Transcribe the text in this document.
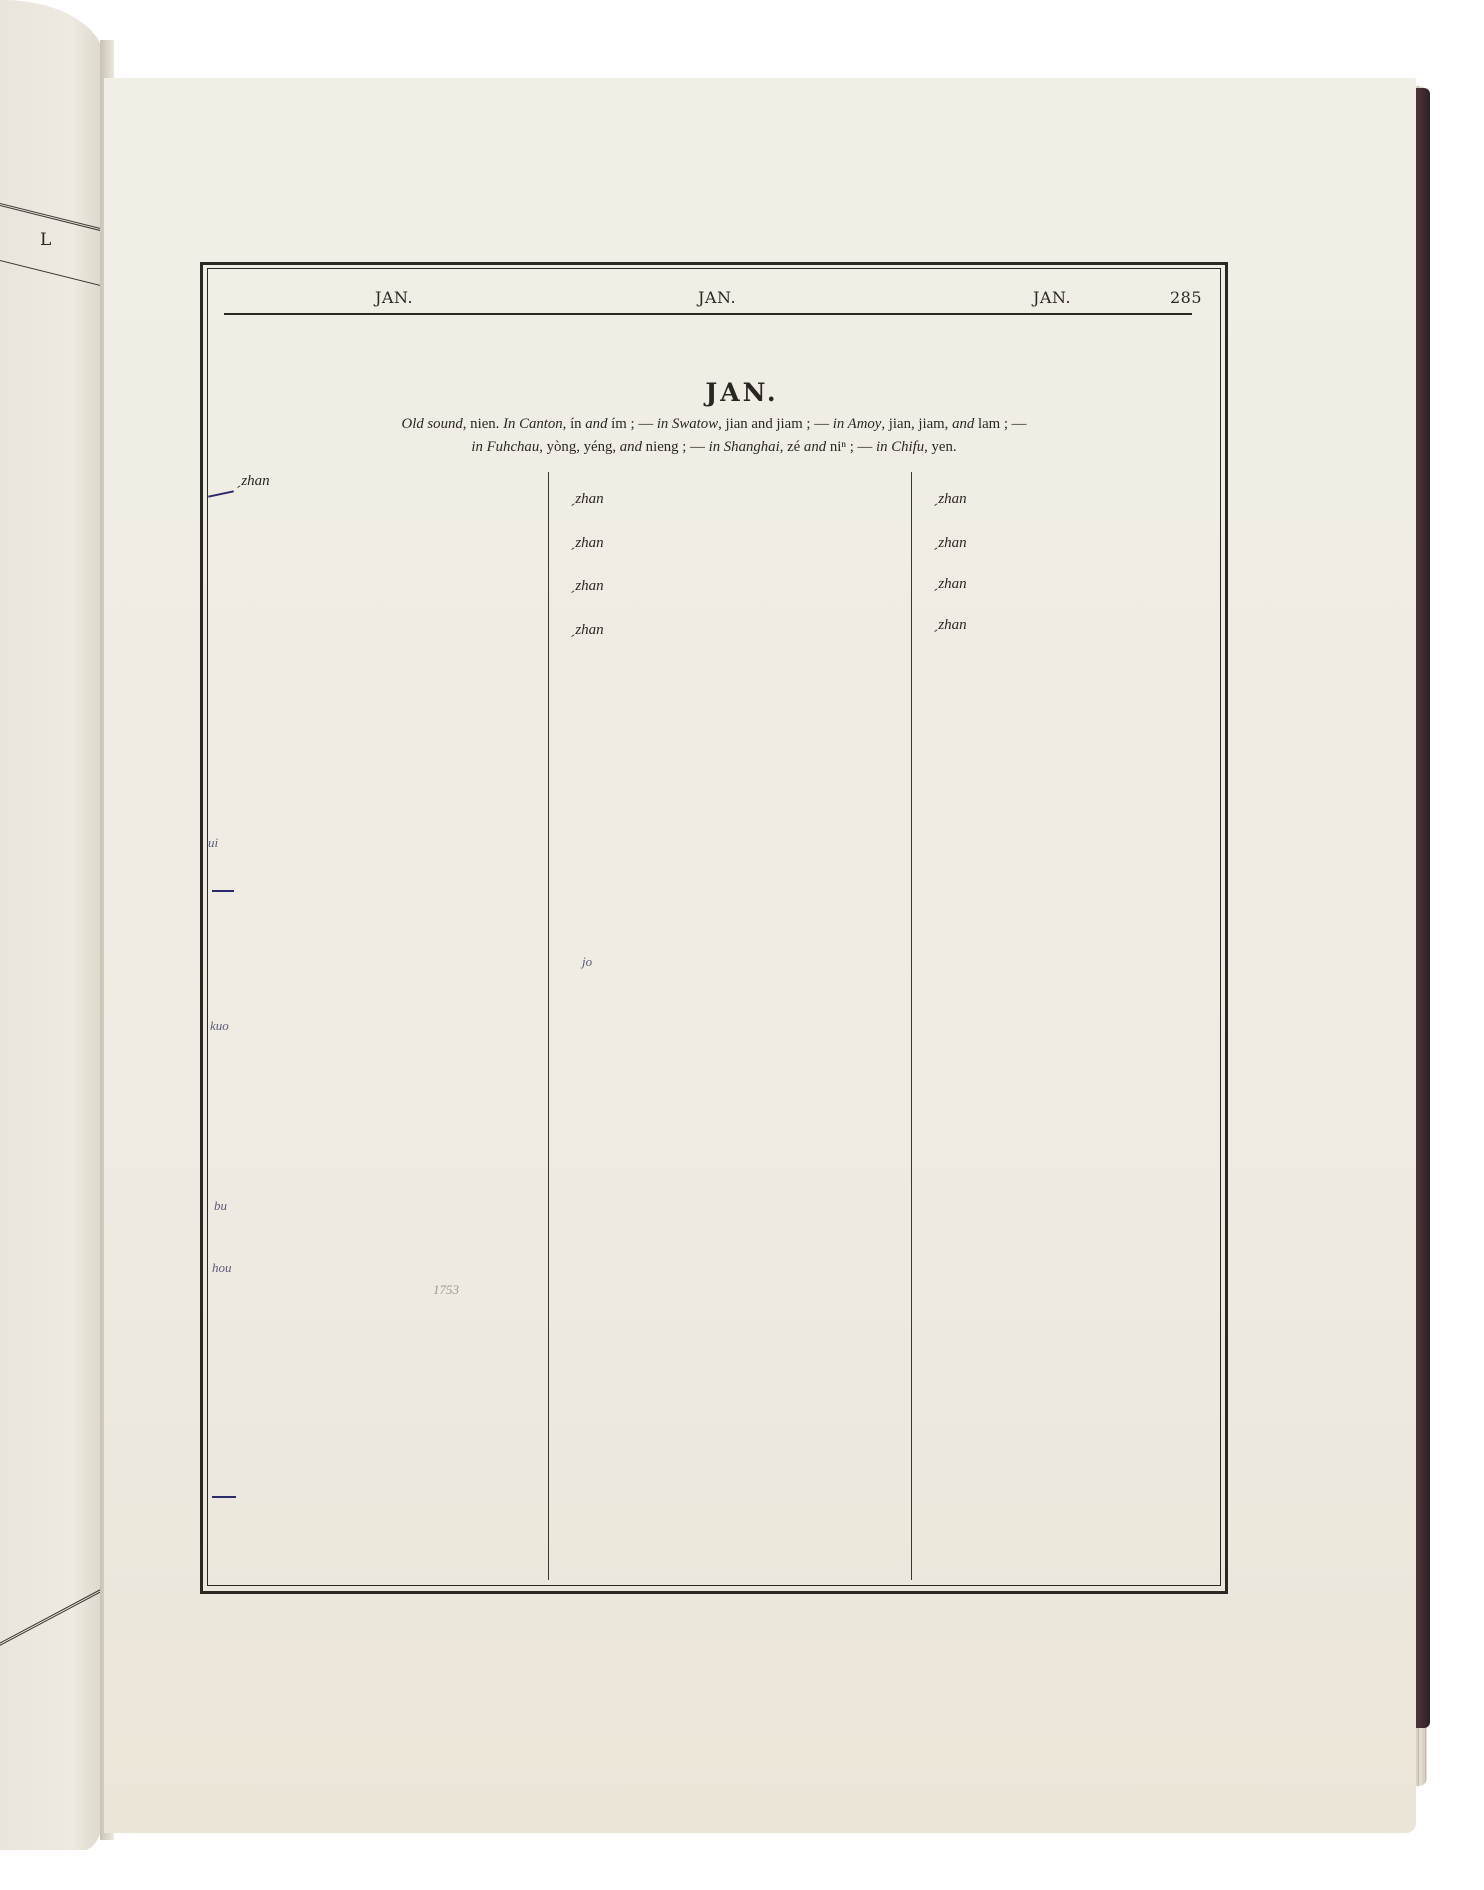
L
JAN.	JAN.	JAN.	285
JAN.
Old sound, nien. In Canton, ín and ím ; — in Swatow, jian and jiam ; — in Amoy, jian, jiam, and lam ; —
in Fuhchau, yòng, yéng, and nieng ; — in Shanghai, zé and niⁿ ; — in Chifu, yen.
ˏzhan

ˏzhan
ˏzhan
ˏzhan
ˏzhan
ˏzhan
ˏzhan

ˏzhan

ˏzhan
ui
kuo
bu
hou
1753
jo
